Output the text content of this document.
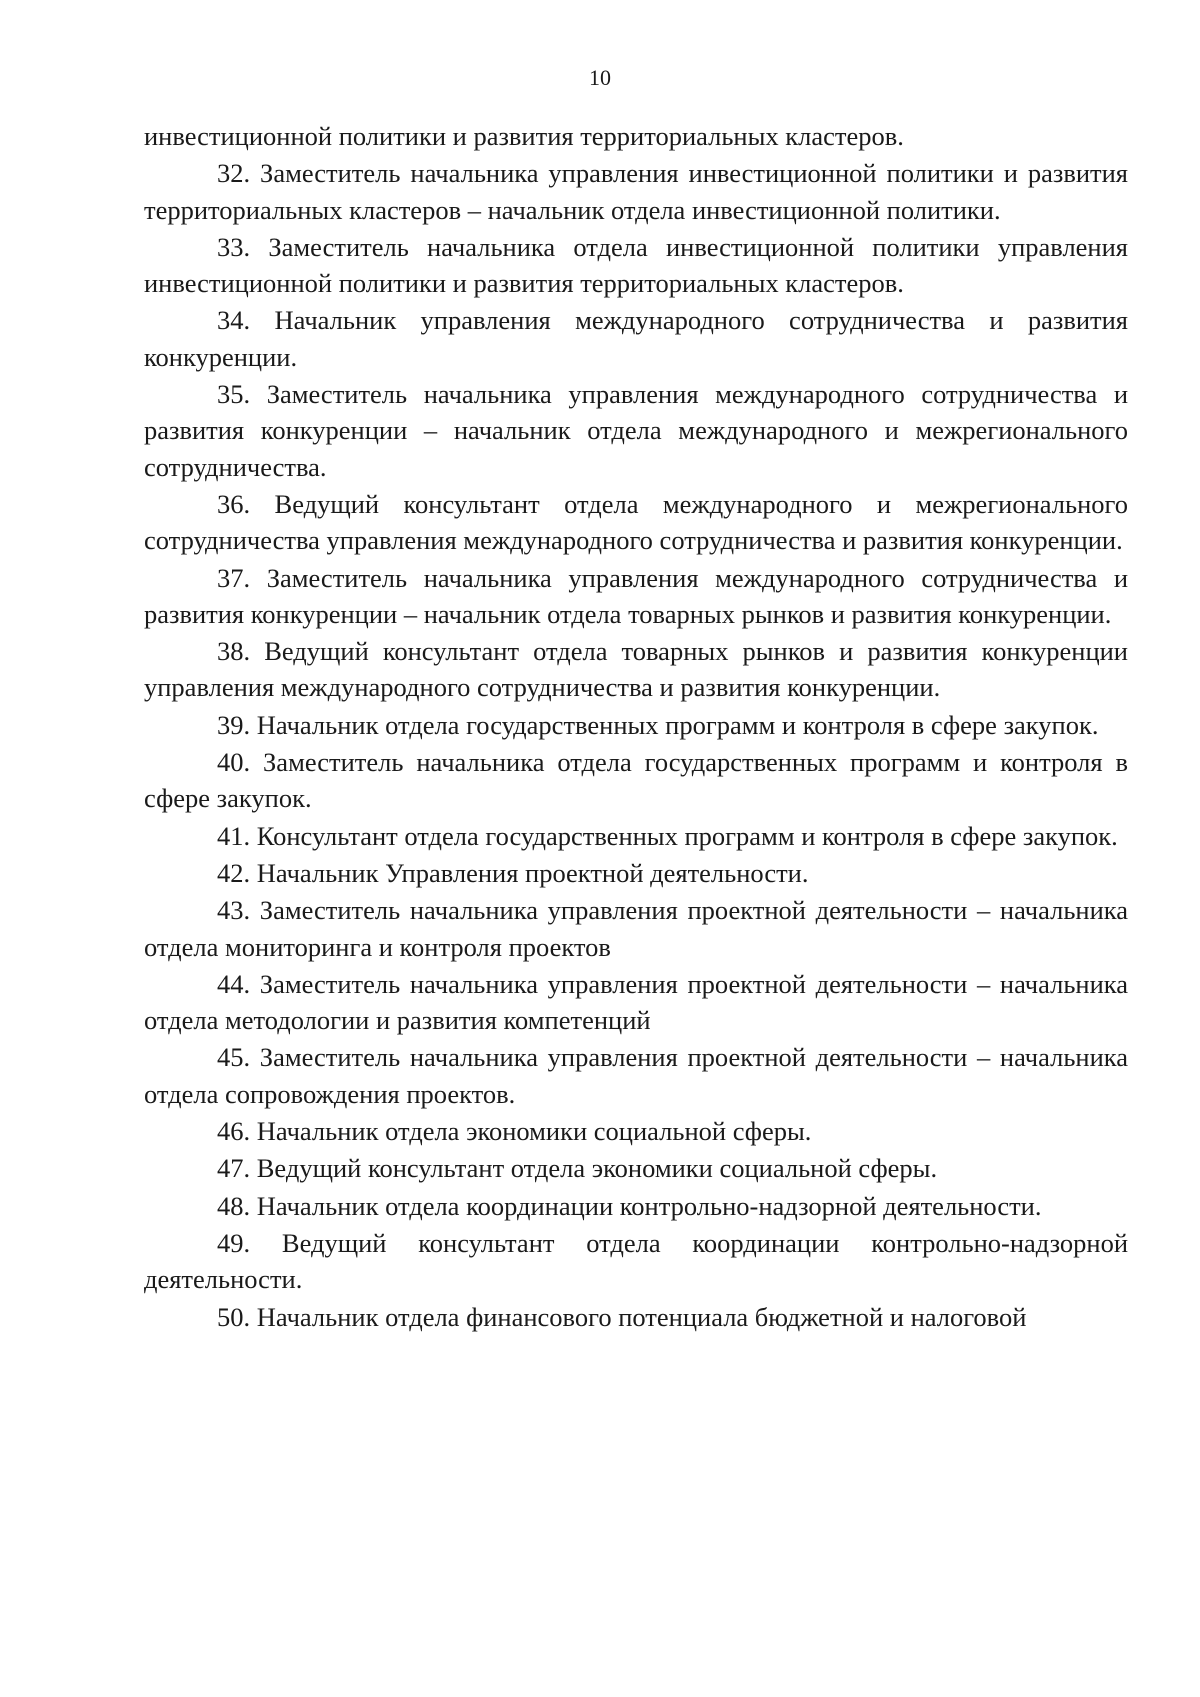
10

инвестиционной политики и развития территориальных кластеров.

32. Заместитель начальника управления инвестиционной политики и развития территориальных кластеров – начальник отдела инвестиционной политики.

33. Заместитель начальника отдела инвестиционной политики управления инвестиционной политики и развития территориальных кластеров.

34. Начальник управления международного сотрудничества и развития конкуренции.

35. Заместитель начальника управления международного сотрудничества и развития конкуренции – начальник отдела международного и межрегионального сотрудничества.

36. Ведущий консультант отдела международного и межрегионального сотрудничества управления международного сотрудничества и развития конкуренции.

37. Заместитель начальника управления международного сотрудничества и развития конкуренции – начальник отдела товарных рынков и развития конкуренции.

38. Ведущий консультант отдела товарных рынков и развития конкуренции управления международного сотрудничества и развития конкуренции.

39. Начальник отдела государственных программ и контроля в сфере закупок.

40. Заместитель начальника отдела государственных программ и контроля в сфере закупок.

41. Консультант отдела государственных программ и контроля в сфере закупок.

42. Начальник Управления проектной деятельности.

43. Заместитель начальника управления проектной деятельности – начальника отдела мониторинга и контроля проектов

44. Заместитель начальника управления проектной деятельности – начальника отдела методологии и развития компетенций

45. Заместитель начальника управления проектной деятельности – начальника отдела сопровождения проектов.

46. Начальник отдела экономики социальной сферы.

47. Ведущий консультант отдела экономики социальной сферы.

48. Начальник отдела координации контрольно-надзорной деятельности.

49. Ведущий консультант отдела координации контрольно-надзорной деятельности.

50. Начальник отдела финансового потенциала бюджетной и налоговой
